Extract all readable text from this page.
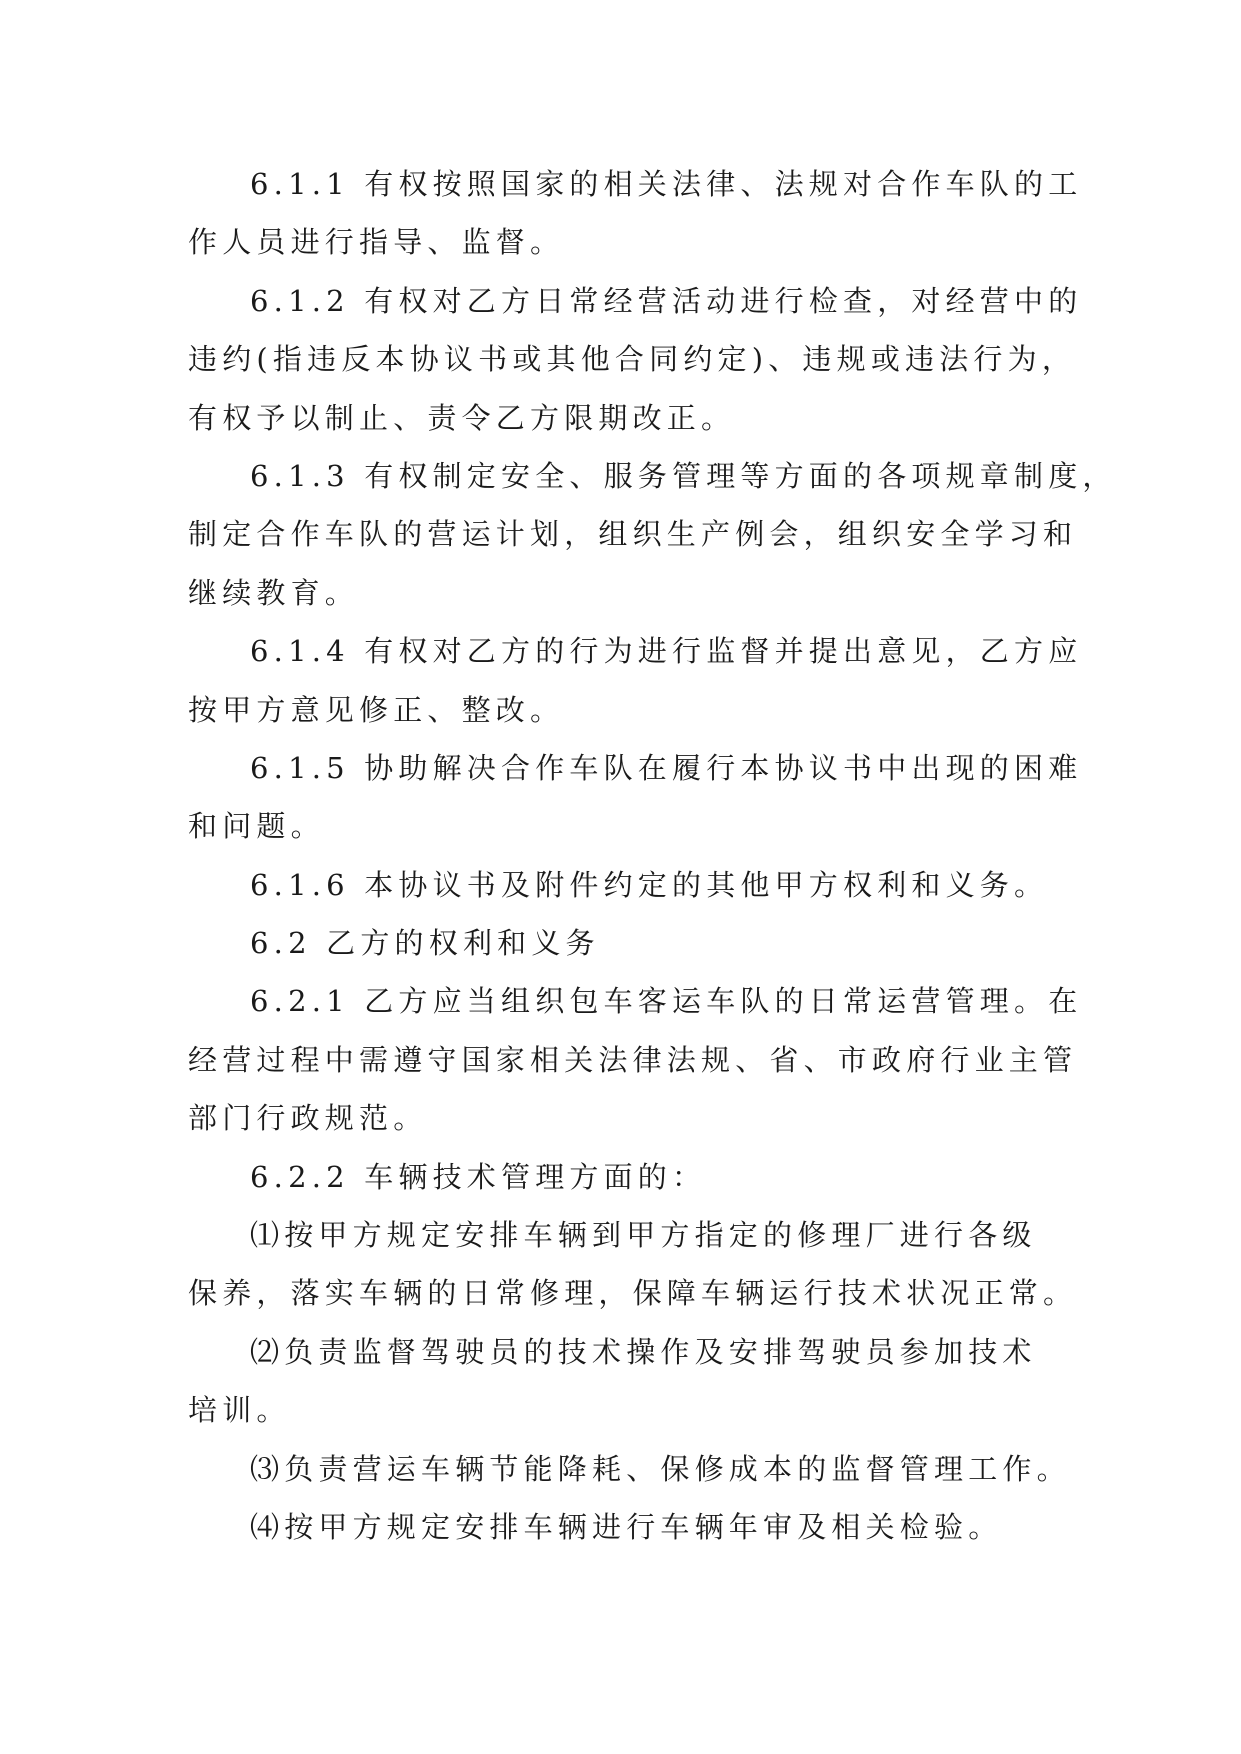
6.1.1 有权按照国家的相关法律、法规对合作车队的工
作人员进行指导、监督。
6.1.2 有权对乙方日常经营活动进行检查，对经营中的
违约(指违反本协议书或其他合同约定)、违规或违法行为，
有权予以制止、责令乙方限期改正。
6.1.3 有权制定安全、服务管理等方面的各项规章制度，
制定合作车队的营运计划，组织生产例会，组织安全学习和
继续教育。
6.1.4 有权对乙方的行为进行监督并提出意见，乙方应
按甲方意见修正、整改。
6.1.5 协助解决合作车队在履行本协议书中出现的困难
和问题。
6.1.6 本协议书及附件约定的其他甲方权利和义务。
6.2 乙方的权利和义务
6.2.1 乙方应当组织包车客运车队的日常运营管理。在
经营过程中需遵守国家相关法律法规、省、市政府行业主管
部门行政规范。
6.2.2 车辆技术管理方面的：
⑴按甲方规定安排车辆到甲方指定的修理厂进行各级
保养，落实车辆的日常修理，保障车辆运行技术状况正常。
⑵负责监督驾驶员的技术操作及安排驾驶员参加技术
培训。
⑶负责营运车辆节能降耗、保修成本的监督管理工作。
⑷按甲方规定安排车辆进行车辆年审及相关检验。
